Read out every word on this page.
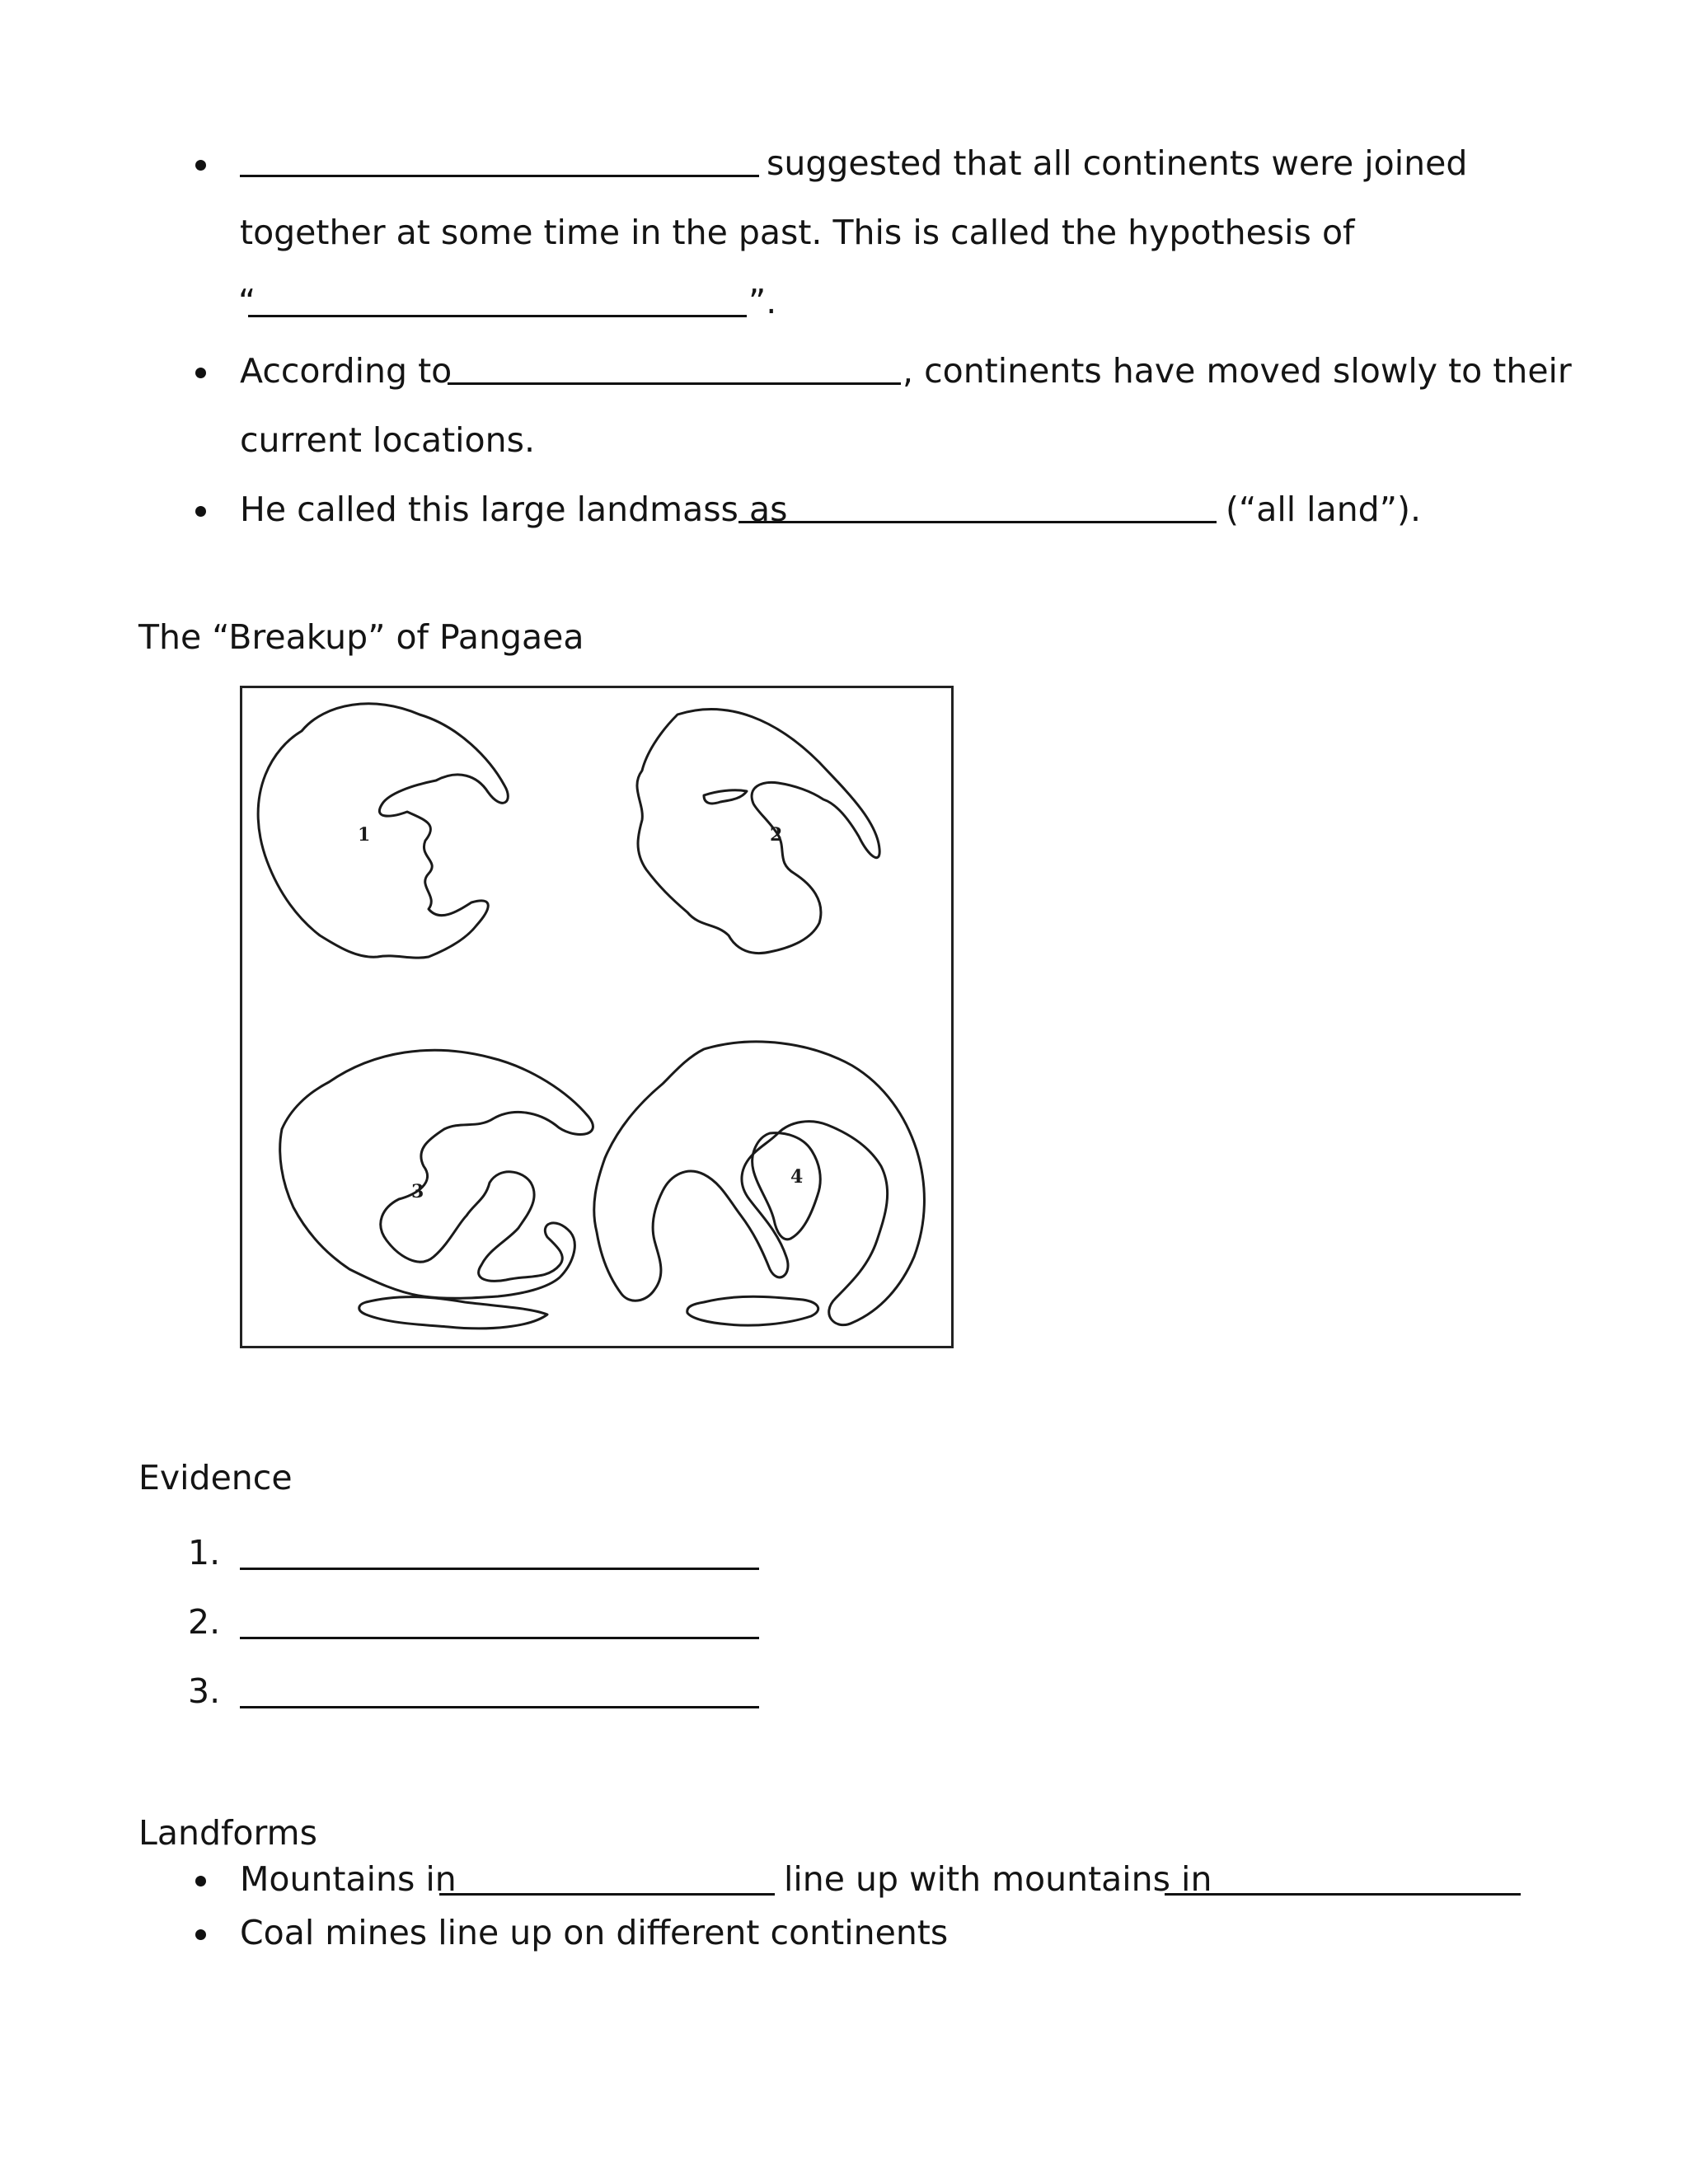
suggested that all continents were joined
together at some time in the past. This is called the hypothesis of
“	”.
According to	, continents have moved slowly to their
current locations.
He called this large landmass as	(“all land”).
The “Breakup” of Pangaea
1	2
3
4
Evidence
1.
2.
3.
Landforms
Mountains in	line up with mountains in
Coal mines line up on different continents
